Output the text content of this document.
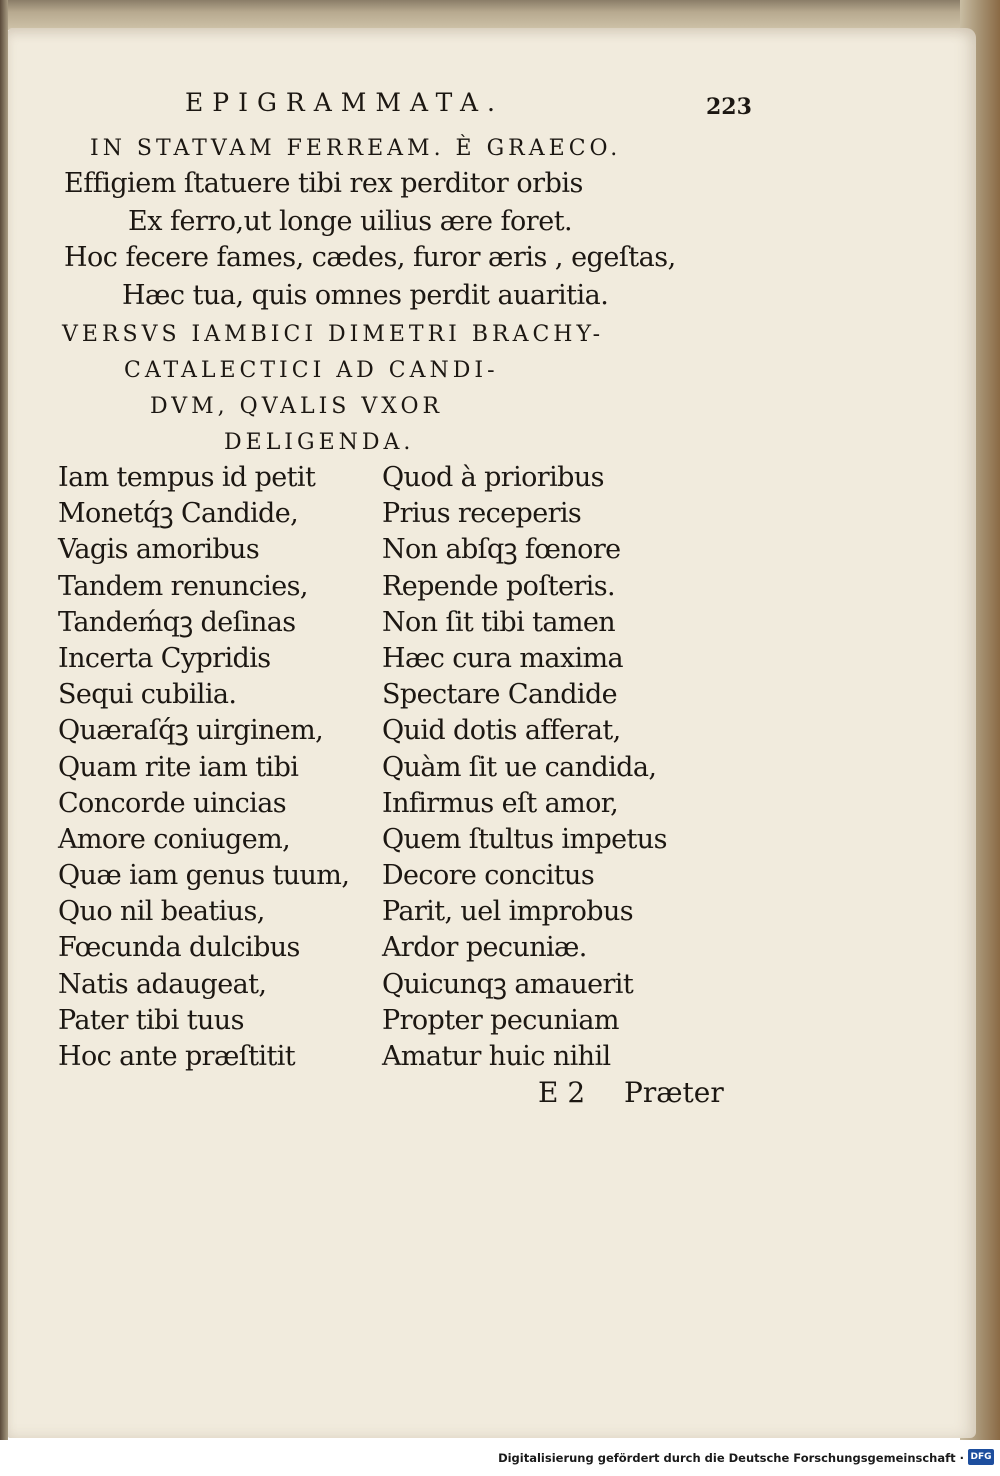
EPIGRAMMATA.	223
IN STATVAM FERREAM. È GRAECO.
Effigiem ſtatuere tibi rex perditor orbis
Ex ferro,ut longe uilius ære foret.
Hoc fecere fames, cædes, furor æris , egeſtas,
Hæc tua, quis omnes perdit auaritia.
VERSVS IAMBICI DIMETRI BRACHY-
CATALECTICI AD CANDI-
DVM, QVALIS VXOR
DELIGENDA.
Iam tempus id petit
Monetq́ꝫ Candide,
Vagis amoribus
Tandem renuncies,
Tandeḿqꝫ deſinas
Incerta Cypridis
Sequi cubilia.
Quæraſq́ꝫ uirginem,
Quam rite iam tibi
Concorde uincias
Amore coniugem,
Quæ iam genus tuum,
Quo nil beatius,
Fœcunda dulcibus
Natis adaugeat,
Pater tibi tuus
Hoc ante præſtitit
Quod à prioribus
Prius receperis
Non abſqꝫ fœnore
Repende poſteris.
Non ſit tibi tamen
Hæc cura maxima
Spectare Candide
Quid dotis afferat,
Quàm ſit ue candida,
Infirmus eſt amor,
Quem ſtultus impetus
Decore concitus
Parit, uel improbus
Ardor pecuniæ.
Quicunqꝫ amauerit
Propter pecuniam
Amatur huic nihil
E 2 Præter
Digitalisierung gefördert durch die Deutsche Forschungsgemeinschaft · DFG
